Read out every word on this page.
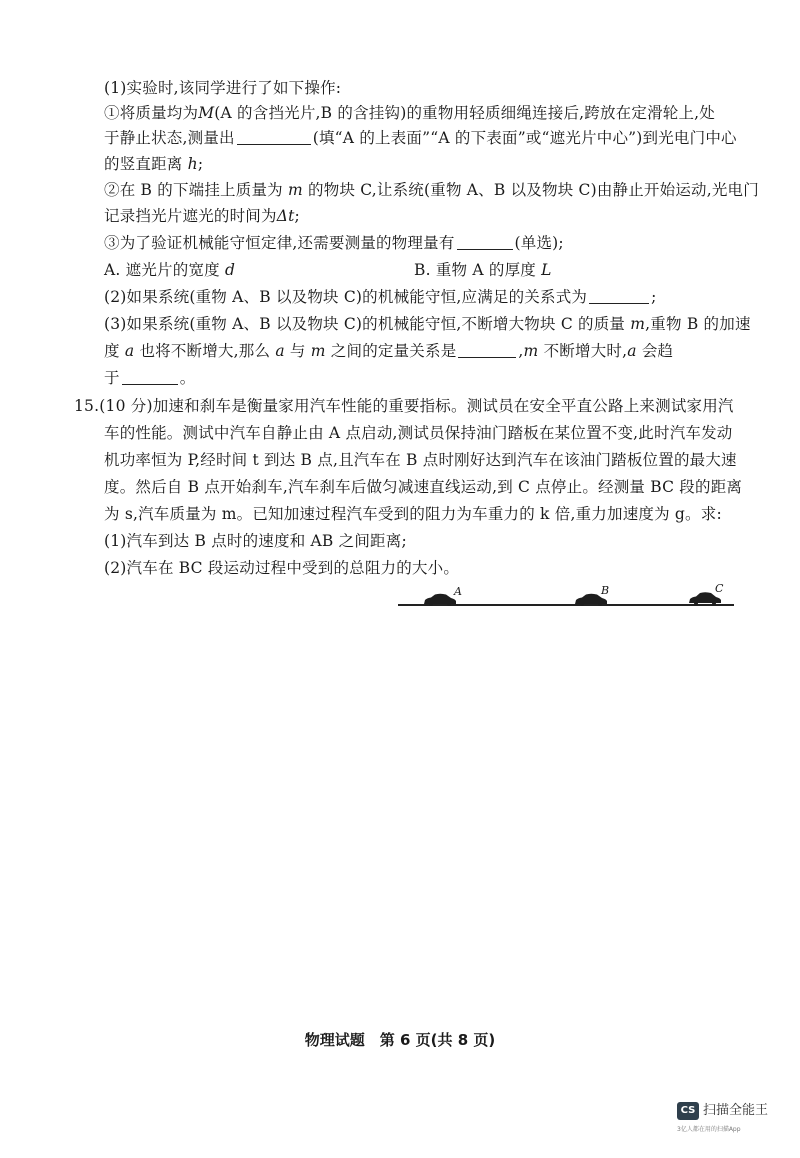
(1)实验时,该同学进行了如下操作:
①将质量均为M(A 的含挡光片,B 的含挂钩)的重物用轻质细绳连接后,跨放在定滑轮上,处
于静止状态,测量出	(填“A 的上表面”“A 的下表面”或“遮光片中心”)到光电门中心
的竖直距离 h;
②在 B 的下端挂上质量为 m 的物块 C,让系统(重物 A、B 以及物块 C)由静止开始运动,光电门
记录挡光片遮光的时间为Δt;
③为了验证机械能守恒定律,还需要测量的物理量有	(单选);
A. 遮光片的宽度 d	B. 重物 A 的厚度 L
(2)如果系统(重物 A、B 以及物块 C)的机械能守恒,应满足的关系式为	;
(3)如果系统(重物 A、B 以及物块 C)的机械能守恒,不断增大物块 C 的质量 m,重物 B 的加速
度 a 也将不断增大,那么 a 与 m 之间的定量关系是	,m 不断增大时,a 会趋
于	。
15.(10 分)加速和刹车是衡量家用汽车性能的重要指标。测试员在安全平直公路上来测试家用汽
车的性能。测试中汽车自静止由 A 点启动,测试员保持油门踏板在某位置不变,此时汽车发动
机功率恒为 P,经时间 t 到达 B 点,且汽车在 B 点时刚好达到汽车在该油门踏板位置的最大速
度。然后自 B 点开始刹车,汽车刹车后做匀减速直线运动,到 C 点停止。经测量 BC 段的距离
为 s,汽车质量为 m。已知加速过程汽车受到的阻力为车重力的 k 倍,重力加速度为 g。求:
(1)汽车到达 B 点时的速度和 AB 之间距离;
(2)汽车在 BC 段运动过程中受到的总阻力的大小。
A	B	C
物理试题　第 6 页(共 8 页)
CS 扫描全能王
3亿人都在用的扫描App
